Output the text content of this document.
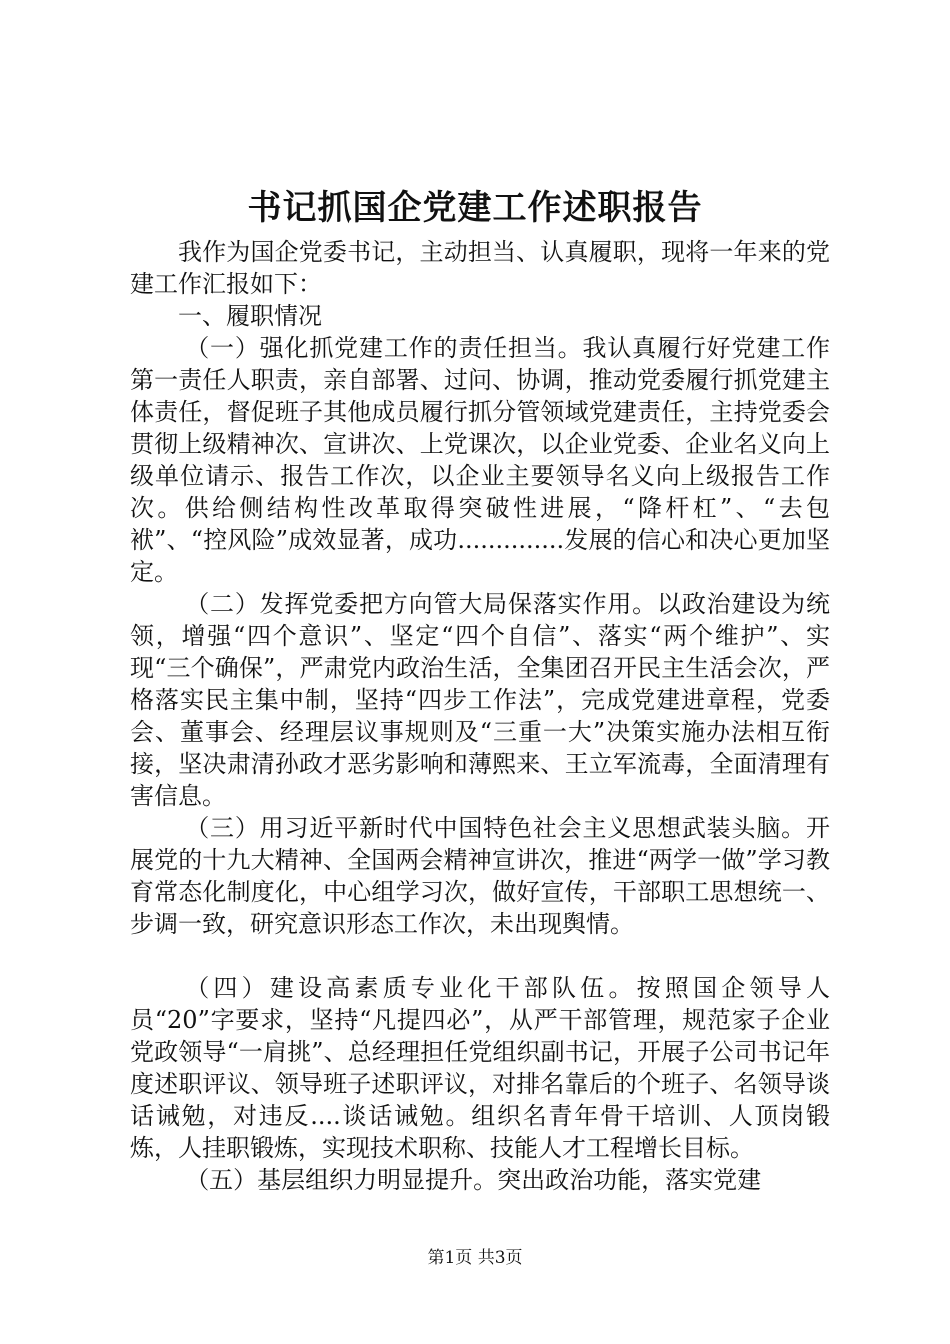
书记抓国企党建工作述职报告

我作为国企党委书记，主动担当、认真履职，现将一年来的党建工作汇报如下：

一、履职情况

（一）强化抓党建工作的责任担当。我认真履行好党建工作第一责任人职责，亲自部署、过问、协调，推动党委履行抓党建主体责任，督促班子其他成员履行抓分管领域党建责任，主持党委会贯彻上级精神次、宣讲次、上党课次，以企业党委、企业名义向上级单位请示、报告工作次，以企业主要领导名义向上级报告工作次。供给侧结构性改革取得突破性进展，“降杆杠”、“去包袱”、“控风险”成效显著，成功..............发展的信心和决心更加坚定。

（二）发挥党委把方向管大局保落实作用。以政治建设为统领，增强“四个意识”、坚定“四个自信”、落实“两个维护”、实现“三个确保”，严肃党内政治生活，全集团召开民主生活会次，严格落实民主集中制，坚持“四步工作法”，完成党建进章程，党委会、董事会、经理层议事规则及“三重一大”决策实施办法相互衔接，坚决肃清孙政才恶劣影响和薄熙来、王立军流毒，全面清理有害信息。

（三）用习近平新时代中国特色社会主义思想武装头脑。开展党的十九大精神、全国两会精神宣讲次，推进“两学一做”学习教育常态化制度化，中心组学习次，做好宣传，干部职工思想统一、步调一致，研究意识形态工作次，未出现舆情。

（四）建设高素质专业化干部队伍。按照国企领导人员“20”字要求，坚持“凡提四必”，从严干部管理，规范家子企业党政领导“一肩挑”、总经理担任党组织副书记，开展子公司书记年度述职评议、领导班子述职评议，对排名靠后的个班子、名领导谈话诫勉，对违反....谈话诫勉。组织名青年骨干培训、人顶岗锻炼，人挂职锻炼，实现技术职称、技能人才工程增长目标。

（五）基层组织力明显提升。突出政治功能，落实党建

第1页 共3页
